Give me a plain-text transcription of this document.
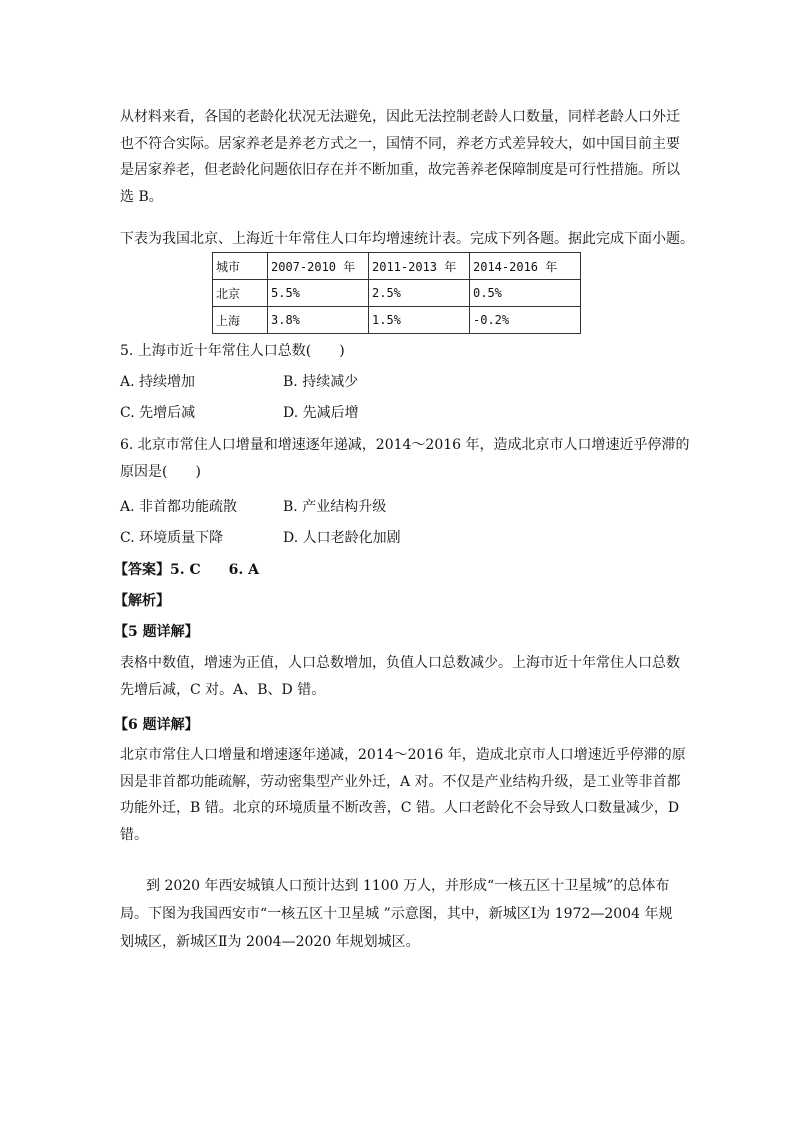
从材料来看，各国的老龄化状况无法避免，因此无法控制老龄人口数量，同样老龄人口外迁
也不符合实际。居家养老是养老方式之一，国情不同，养老方式差异较大，如中国目前主要
是居家养老，但老龄化问题依旧存在并不断加重，故完善养老保障制度是可行性措施。所以
选 B。
下表为我国北京、上海近十年常住人口年均增速统计表。完成下列各题。据此完成下面小题。
城市	2007-2010 年	2011-2013 年	2014-2016 年
北京	5.5%	2.5%	0.5%
上海	3.8%	1.5%	-0.2%
5. 上海市近十年常住人口总数(　　)
A. 持续增加	B. 持续减少
C. 先增后减	D. 先减后增
6. 北京市常住人口增量和增速逐年递减，2014～2016 年，造成北京市人口增速近乎停滞的
原因是(　　)
A. 非首都功能疏散	B. 产业结构升级
C. 环境质量下降	D. 人口老龄化加剧
【答案】5. C　　6. A
【解析】
【5 题详解】
表格中数值，增速为正值，人口总数增加，负值人口总数减少。上海市近十年常住人口总数
先增后减，C 对。A、B、D 错。
【6 题详解】
北京市常住人口增量和增速逐年递减，2014～2016 年，造成北京市人口增速近乎停滞的原
因是非首都功能疏解，劳动密集型产业外迁，A 对。不仅是产业结构升级，是工业等非首都
功能外迁，B 错。北京的环境质量不断改善，C 错。人口老龄化不会导致人口数量减少，D
错。
到 2020 年西安城镇人口预计达到 1100 万人，并形成“一核五区十卫星城”的总体布
局。下图为我国西安市“一核五区十卫星城 ”示意图，其中，新城区Ⅰ为 1972—2004 年规
划城区，新城区Ⅱ为 2004—2020 年规划城区。
